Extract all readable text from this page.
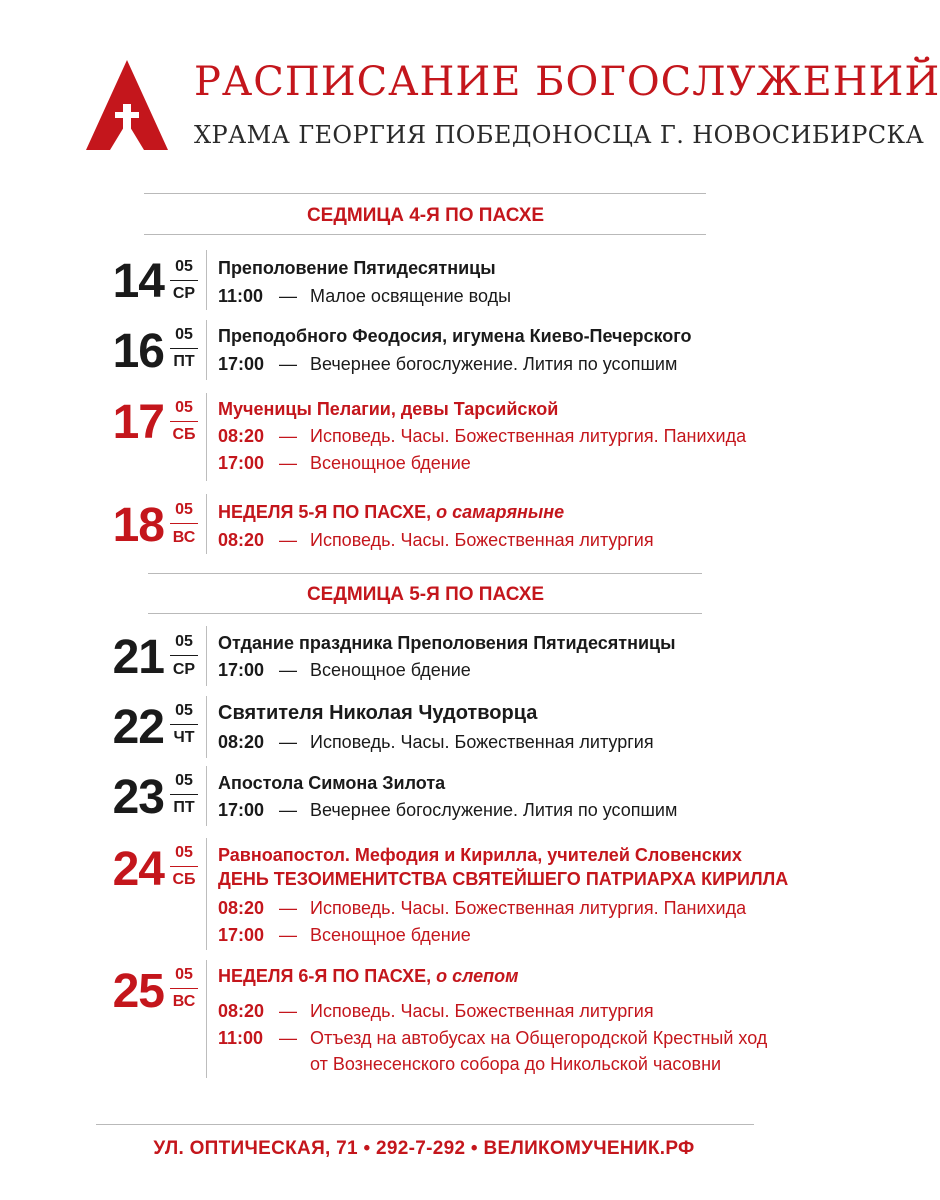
РАСПИСАНИЕ БОГОСЛУЖЕНИЙ
ХРАМА ГЕОРГИЯ ПОБЕДОНОСЦА Г. НОВОСИБИРСКА
СЕДМИЦА 4-Я ПО ПАСХЕ
14 05
СР
Преполовение Пятидесятницы
11:00 — Малое освящение воды
16 05
ПТ
Преподобного Феодосия, игумена Киево-Печерского
17:00 — Вечернее богослужение. Лития по усопшим
17 05
СБ
Мученицы Пелагии, девы Тарсийской
08:20 — Исповедь. Часы. Божественная литургия. Панихида
17:00 — Всенощное бдение
18 05
ВС
НЕДЕЛЯ 5-Я ПО ПАСХЕ, о самаряныне
08:20 — Исповедь. Часы. Божественная литургия
СЕДМИЦА 5-Я ПО ПАСХЕ
21 05
СР
Отдание праздника Преполовения Пятидесятницы
17:00 — Всенощное бдение
22 05
ЧТ
Святителя Николая Чудотворца
08:20 — Исповедь. Часы. Божественная литургия
23 05
ПТ
Апостола Симона Зилота
17:00 — Вечернее богослужение. Лития по усопшим
24 05
СБ
Равноапостол. Мефодия и Кирилла, учителей Словенских
ДЕНЬ ТЕЗОИМЕНИТСТВА СВЯТЕЙШЕГО ПАТРИАРХА КИРИЛЛА
08:20 — Исповедь. Часы. Божественная литургия. Панихида
17:00 — Всенощное бдение
25 05
ВС
НЕДЕЛЯ 6-Я ПО ПАСХЕ, о слепом
08:20 — Исповедь. Часы. Божественная литургия
11:00 — Отъезд на автобусах на Общегородской Крестный ход
от Вознесенского собора до Никольской часовни
УЛ. ОПТИЧЕСКАЯ, 71 • 292-7-292 • ВЕЛИКОМУЧЕНИК.РФ
